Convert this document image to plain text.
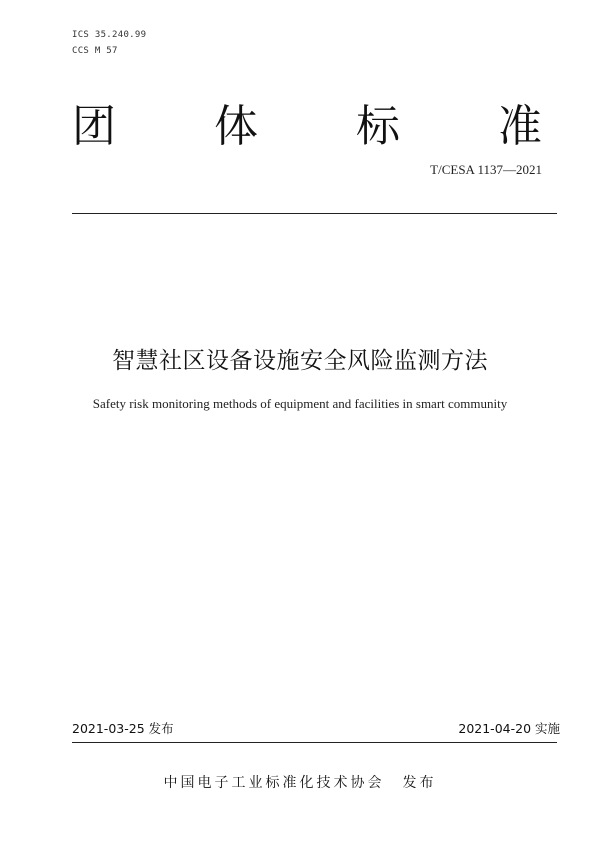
ICS 35.240.99
CCS M 57
团 体 标 准
T/CESA 1137—2021
智慧社区设备设施安全风险监测方法
Safety risk monitoring methods of equipment and facilities in smart community
2021-03-25 发布	2021-04-20 实施
中国电子工业标准化技术协会 发布
